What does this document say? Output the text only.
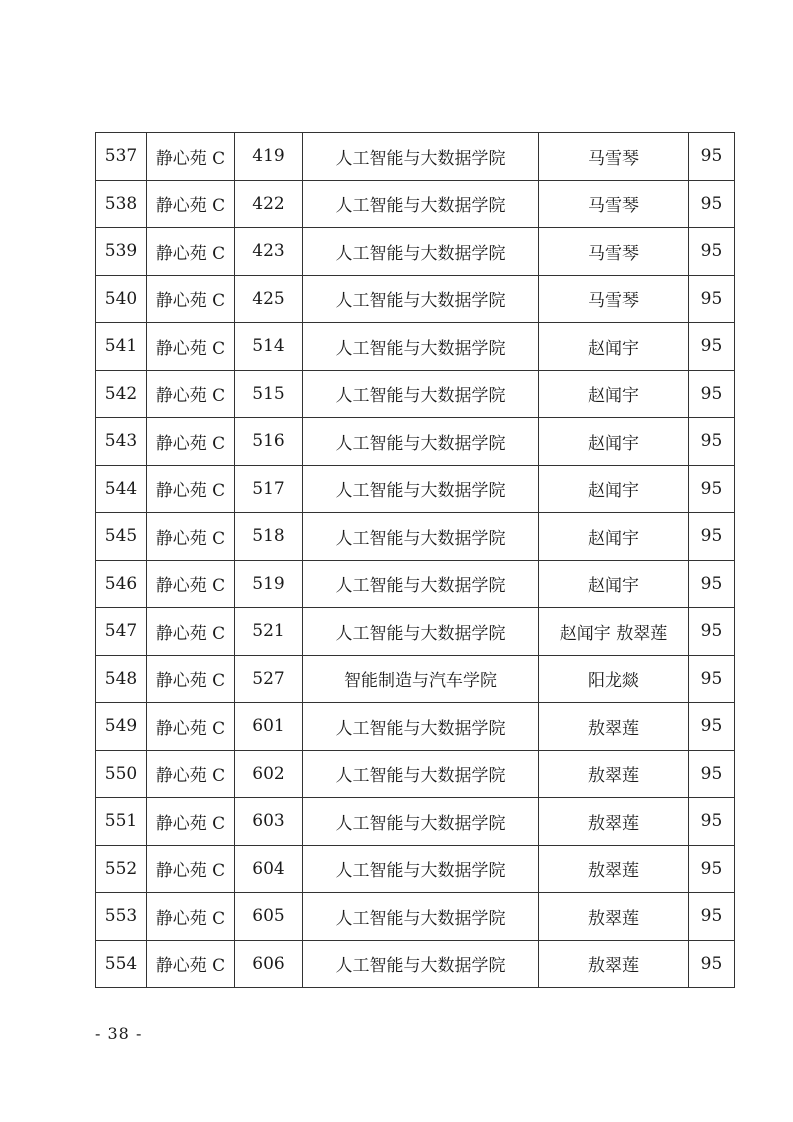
537	静心苑 C	419	人工智能与大数据学院	马雪琴	95
538	静心苑 C	422	人工智能与大数据学院	马雪琴	95
539	静心苑 C	423	人工智能与大数据学院	马雪琴	95
540	静心苑 C	425	人工智能与大数据学院	马雪琴	95
541	静心苑 C	514	人工智能与大数据学院	赵闻宇	95
542	静心苑 C	515	人工智能与大数据学院	赵闻宇	95
543	静心苑 C	516	人工智能与大数据学院	赵闻宇	95
544	静心苑 C	517	人工智能与大数据学院	赵闻宇	95
545	静心苑 C	518	人工智能与大数据学院	赵闻宇	95
546	静心苑 C	519	人工智能与大数据学院	赵闻宇	95
547	静心苑 C	521	人工智能与大数据学院	赵闻宇 敖翠莲	95
548	静心苑 C	527	智能制造与汽车学院	阳龙燚	95
549	静心苑 C	601	人工智能与大数据学院	敖翠莲	95
550	静心苑 C	602	人工智能与大数据学院	敖翠莲	95
551	静心苑 C	603	人工智能与大数据学院	敖翠莲	95
552	静心苑 C	604	人工智能与大数据学院	敖翠莲	95
553	静心苑 C	605	人工智能与大数据学院	敖翠莲	95
554	静心苑 C	606	人工智能与大数据学院	敖翠莲	95
- 38 -
